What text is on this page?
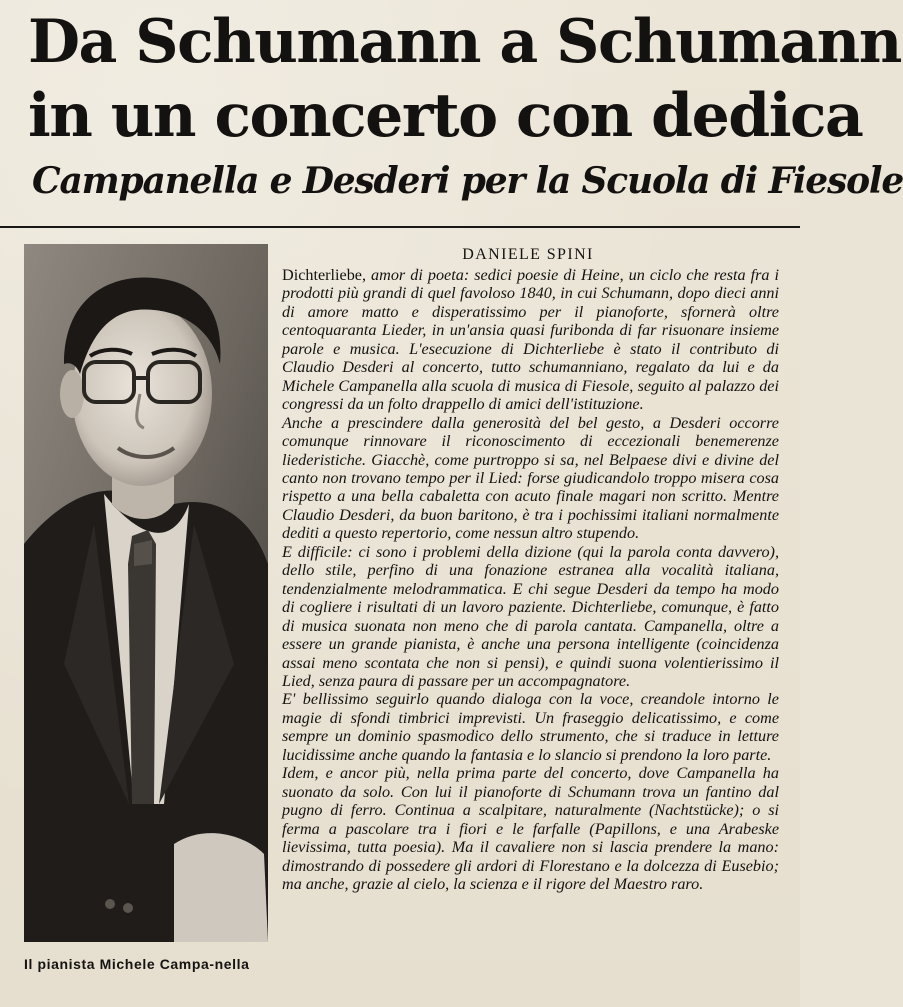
Da Schumann a Schumann
in un concerto con dedica
Campanella e Desderi per la Scuola di Fiesole

Il pianista Michele Campa-nella

DANIELE SPINI

Dichterliebe, amor di poeta: sedici poesie di Heine, un ciclo che resta fra i prodotti più grandi di quel favoloso 1840, in cui Schumann, dopo dieci anni di amore matto e disperatissimo per il pianoforte, sfornerà oltre centoquaranta Lieder, in un'ansia quasi furibonda di far risuonare insieme parole e musica. L'esecuzione di Dichterliebe è stato il contributo di Claudio Desderi al concerto, tutto schumanniano, regalato da lui e da Michele Campanella alla scuola di musica di Fiesole, seguito al palazzo dei congressi da un folto drappello di amici dell'istituzione.

Anche a prescindere dalla generosità del bel gesto, a Desderi occorre comunque rinnovare il riconoscimento di eccezionali benemerenze liederistiche. Giacchè, come purtroppo si sa, nel Belpaese divi e divine del canto non trovano tempo per il Lied: forse giudicandolo troppo misera cosa rispetto a una bella cabaletta con acuto finale magari non scritto. Mentre Claudio Desderi, da buon baritono, è tra i pochissimi italiani normalmente dediti a questo repertorio, come nessun altro stupendo.

E difficile: ci sono i problemi della dizione (qui la parola conta davvero), dello stile, perfino di una fonazione estranea alla vocalità italiana, tendenzialmente melodrammatica. E chi segue Desderi da tempo ha modo di cogliere i risultati di un lavoro paziente. Dichterliebe, comunque, è fatto di musica suonata non meno che di parola cantata. Campanella, oltre a essere un grande pianista, è anche una persona intelligente (coincidenza assai meno scontata che non si pensi), e quindi suona volentierissimo il Lied, senza paura di passare per un accompagnatore.

E' bellissimo seguirlo quando dialoga con la voce, creandole intorno le magie di sfondi timbrici imprevisti. Un fraseggio delicatissimo, e come sempre un dominio spasmodico dello strumento, che si traduce in letture lucidissime anche quando la fantasia e lo slancio si prendono la loro parte.

Idem, e ancor più, nella prima parte del concerto, dove Campanella ha suonato da solo. Con lui il pianoforte di Schumann trova un fantino dal pugno di ferro. Continua a scalpitare, naturalmente (Nachtstücke); o si ferma a pascolare tra i fiori e le farfalle (Papillons, e una Arabeske lievissima, tutta poesia). Ma il cavaliere non si lascia prendere la mano: dimostrando di possedere gli ardori di Florestano e la dolcezza di Eusebio; ma anche, grazie al cielo, la scienza e il rigore del Maestro raro.
